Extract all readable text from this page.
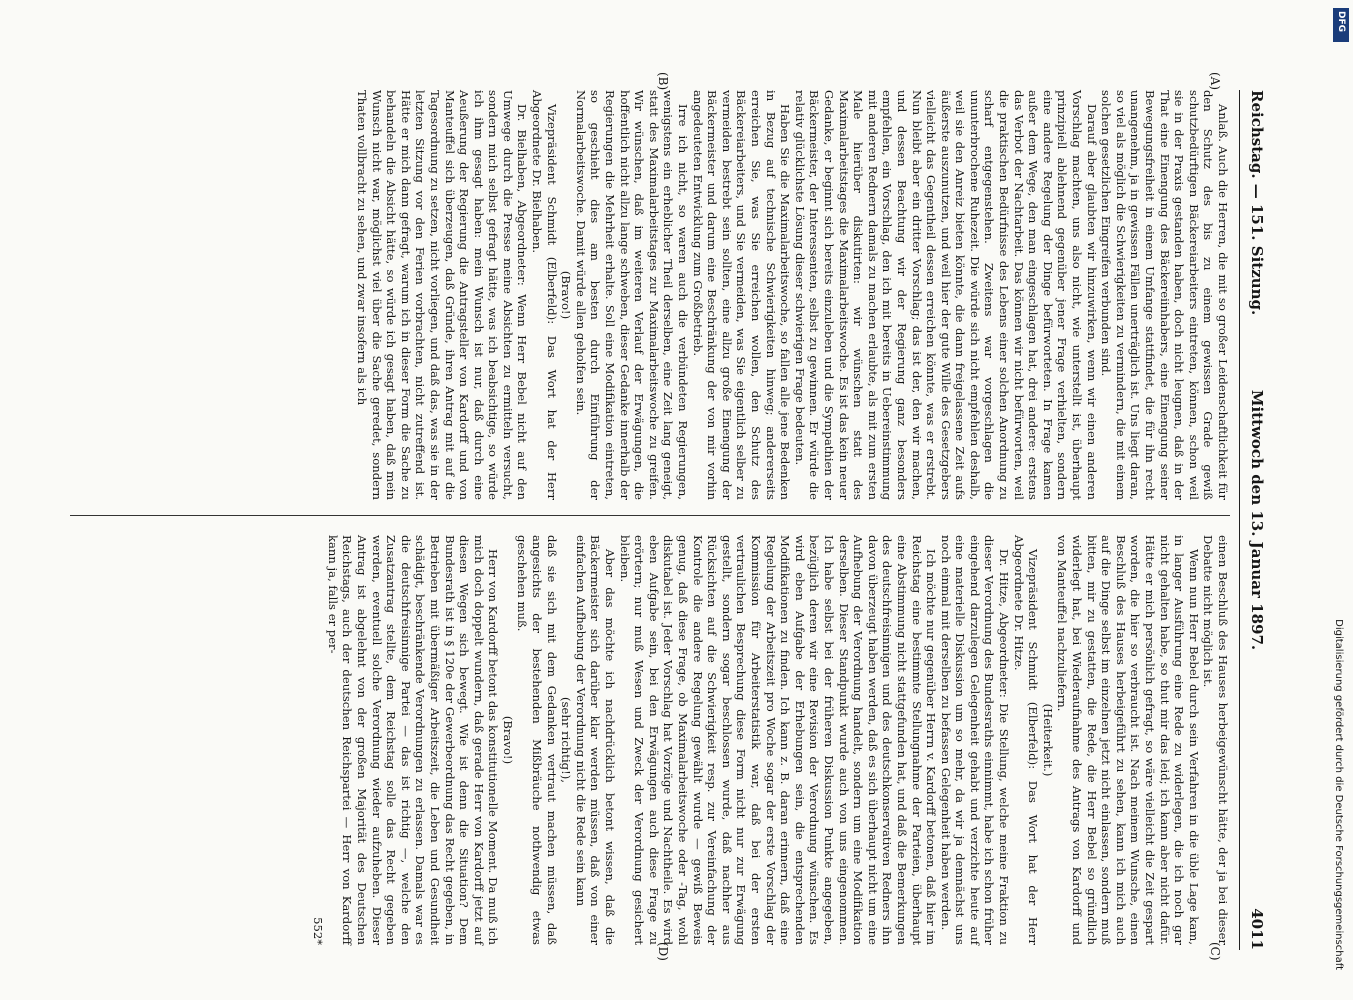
Reichstag. — 151. Sitzung.
Mittwoch den 13. Januar 1897.
4011
(A)
(B)
(C)
(D)

Anlaß. Auch die Herren, die mit so großer Leidenschaftlichkeit für den Schutz des bis zu einem gewissen Grade gewiß schutzbedürftigen Bäckereiarbeiters eintreten, können, schon weil sie in der Praxis gestanden haben, doch nicht leugnen, daß in der That eine Einengung des Bäckereiinhabers, eine Einengung seiner Bewegungsfreiheit in einem Umfange stattfindet, die für ihn recht unangenehm, ja in gewissen Fällen unerträglich ist. Uns liegt daran, so viel als möglich die Schwierigkeiten zu vermindern, die mit einem solchen gesetzlichen Eingreifen verbunden sind.

Darauf aber glaubten wir hinzuwirken, wenn wir einen anderen Vorschlag machten, uns also nicht, wie unterstellt ist, überhaupt prinzipiell ablehnend gegenüber jener Frage verhielten, sondern eine andere Regelung der Dinge befürworteten. In Frage kamen außer dem Wege, den man eingeschlagen hat, drei andere: erstens das Verbot der Nachtarbeit. Das können wir nicht befürworten, weil die praktischen Bedürfnisse des Lebens einer solchen Anordnung zu scharf entgegenstehen. Zweitens war vorgeschlagen die ununterbrochene Ruhezeit. Die würde sich nicht empfehlen deshalb, weil sie den Anreiz bieten könnte, die dann freigelassene Zeit aufs äußerste auszunutzen, und weil hier der gute Wille des Gesetzgebers vielleicht das Gegentheil dessen erreichen könnte, was er erstrebt. Nun bleibt aber ein dritter Vorschlag; das ist der, den wir machen, und dessen Beachtung wir der Regierung ganz besonders empfehlen, ein Vorschlag, den ich mit bereits in Uebereinstimmung mit anderen Rednern damals zu machen erlaubte, als mit zum ersten Male hierüber diskutirten: wir wünschen statt des Maximalarbeitstages die Maximalarbeitswoche. Es ist das kein neuer Gedanke, er beginnt sich bereits einzuleben und die Sympathien der Bäckermeister, der Interessenten, selbst zu gewinnen. Er würde die relativ glücklichste Lösung dieser schwierigen Frage bedeuten.

Haben Sie die Maximalarbeitswoche, so fallen alle jene Bedenken in Bezug auf technische Schwierigkeiten hinweg; andererseits erreichen Sie, was Sie erreichen wollen, den Schutz des Bäckereiarbeiters, und Sie vermeiden, was Sie eigentlich selber zu vermeiden bestrebt sein sollten, eine allzu große Einengung der Bäckermeister und darum eine Beschränkung der von mir vorhin angedeuteten Entwicklung zum Großbetrieb.

Irre ich nicht, so waren auch die verbündeten Regierungen, wenigstens ein erheblicher Theil derselben, eine Zeit lang geneigt, statt des Maximalarbeitstages zur Maximalarbeitswoche zu greifen. Wir wünschen, daß im weiteren Verlauf der Erwägungen, die hoffentlich nicht allzu lange schweben, dieser Gedanke innerhalb der Regierungen die Mehrheit erhalte. Soll eine Modifikation eintreten, so geschieht dies am besten durch Einführung der Normalarbeitswoche. Damit würde allen geholfen sein.

(Bravo!)

Vizepräsident Schmidt (Elberfeld): Das Wort hat der Herr Abgeordnete Dr. Bielhaben.

Dr. Bielhaben, Abgeordneter: Wenn Herr Bebel nicht auf den Umwege durch die Presse meine Absichten zu ermitteln versucht, sondern mich selbst gefragt hätte, was ich beabsichtige, so würde ich ihm gesagt haben: mein Wunsch ist nur, daß durch eine Aeußerung der Regierung die Antragsteller von Kardorff und von Manteuffel sich überzeugen, daß Gründe, ihren Antrag mit auf die Tagesordnung zu setzen, nicht vorliegen, und daß das, was sie in der letzten Sitzung vor den Ferien vorbrachten, nicht zutreffend ist. Hätte er mich dann gefragt, warum ich in dieser Form die Sache zu behandeln die Absicht hätte, so würde ich gesagt haben, daß mein Wunsch nicht war, möglichst viel über die Sache geredet, sondern Thaten vollbracht zu sehen, und zwar insofern als ich

einen Beschluß des Hauses herbeigewünscht hätte, der ja bei dieser Debatte nicht möglich ist.

Wenn nun Herr Bebel durch sein Verfahren in die üble Lage kam, in langer Ausführung eine Rede zu widerlegen, die ich noch gar nicht gehalten habe, so thut mir das leid; ich kann aber nicht dafür. Hätte er mich persönlich gefragt, so wäre vielleicht die Zeit gespart worden, die hier so verbraucht ist. Nach meinem Wunsche, einen Beschluß des Hauses herbeigeführt zu sehen, kann ich mich auch auf die Dinge selbst im einzelnen jetzt nicht einlassen, sondern muß bitten, mir zu gestatten, die Rede, die Herr Bebel so gründlich widerlegt hat, bei Wiederaufnahme des Antrags von Kardorff und von Manteuffel nachzuliefern.

(Heiterkeit.)

Vizepräsident Schmidt (Elberfeld): Das Wort hat der Herr Abgeordnete Dr. Hitze.

Dr. Hitze, Abgeordneter: Die Stellung, welche meine Fraktion zu dieser Verordnung des Bundesraths einnimmt, habe ich schon früher eingehend darzulegen Gelegenheit gehabt und verzichte heute auf eine materielle Diskussion um so mehr, da wir ja demnächst uns noch einmal mit derselben zu befassen Gelegenheit haben werden.

Ich möchte nur gegenüber Herrn v. Kardorff betonen, daß hier im Reichstag eine bestimmte Stellungnahme der Parteien, überhaupt eine Abstimmung nicht stattgefunden hat, und daß die Bemerkungen des deutschfreisinnigen und des deutschkonservativen Redners ihn davon überzeugt haben werden, daß es sich überhaupt nicht um eine Aufhebung der Verordnung handelt, sondern um eine Modifikation derselben. Dieser Standpunkt wurde auch von uns eingenommen. Ich habe selbst bei der früheren Diskussion Punkte angegeben, bezüglich deren wir eine Revision der Verordnung wünschen. Es wird eben Aufgabe der Erhebungen sein, die entsprechenden Modifikationen zu finden. Ich kann z. B. daran erinnern, daß eine Regelung der Arbeitszeit pro Woche sogar der erste Vorschlag der Kommission für Arbeiterstatistik war, daß bei der ersten vertraulichen Besprechung diese Form nicht nur zur Erwägung gestellt, sondern sogar beschlossen wurde, daß nachher aus Rücksichten auf die Schwierigkeit resp. zur Vereinfachung der Kontrole die andere Regelung gewählt wurde — gewiß Beweis genug, daß diese Frage, ob Maximalarbeitswoche oder -Tag, wohl diskutabel ist. Jeder Vorschlag hat Vorzüge und Nachtheile. Es wird eben Aufgabe sein, bei den Erwägungen auch diese Frage zu erörtern; nur muß Wesen und Zweck der Verordnung gesichert bleiben.

Aber das möchte ich nachdrücklich betont wissen, daß die Bäckermeister sich darüber klar werden müssen, daß von einer einfachen Aufhebung der Verordnung nicht die Rede sein kann

(sehr richtig!),

daß sie sich mit dem Gedanken vertraut machen müssen, daß angesichts der bestehenden Mißbräuche nothwendig etwas geschehen muß.

(Bravo!)

Herr von Kardorff betont das konstitutionelle Moment. Da muß ich mich doch doppelt wundern, daß gerade Herr von Kardorff jetzt auf diesen Wegen sich bewegt. Wie ist denn die Situation? Dem Bundesrath ist in § 120e der Gewerbeordnung das Recht gegeben, in Betrieben mit übermäßiger Arbeitszeit, die Leben und Gesundheit schädigt, beschränkende Verordnungen zu erlassen. Damals war es die deutschfreisinnige Partei — das ist richtig —, welche den Zusatzantrag stellte, dem Reichstag solle das Recht gegeben werden, eventuell solche Verordnung wieder aufzuheben. Dieser Antrag ist abgelehnt von der großen Majorität des Deutschen Reichstags, auch der deutschen Reichspartei — Herr von Kardorff kann ja, falls er per-

552*	Digitalisierung gefördert durch die Deutsche Forschungsgemeinschaft
DFG
